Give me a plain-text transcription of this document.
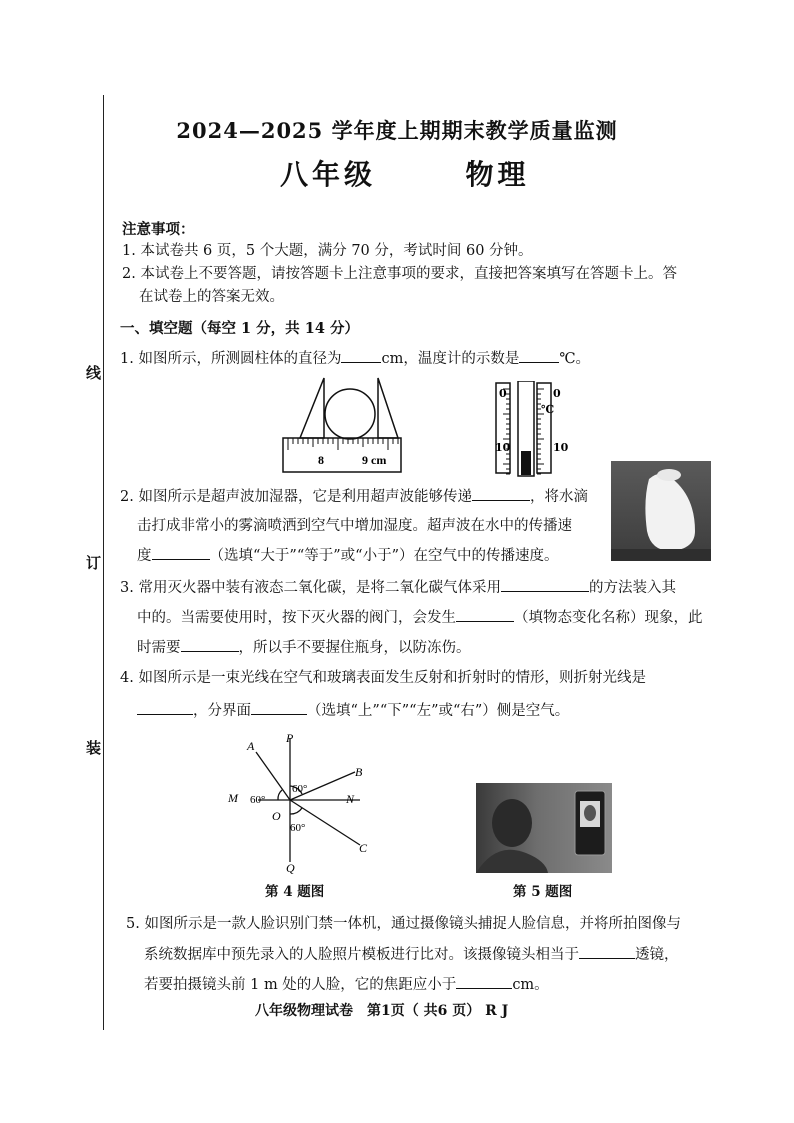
线
订
装
2024—2025 学年度上期期末教学质量监测
八年级	物理
注意事项：
1. 本试卷共 6 页，5 个大题，满分 70 分，考试时间 60 分钟。
2. 本试卷上不要答题，请按答题卡上注意事项的要求，直接把答案填写在答题卡上。答
在试卷上的答案无效。
一、填空题（每空 1 分，共 14 分）
1. 如图所示，所测圆柱体的直径为	cm，温度计的示数是	℃。
8	9 cm
0
10
0
℃
10
2. 如图所示是超声波加湿器，它是利用超声波能够传递	，将水滴
击打成非常小的雾滴喷洒到空气中增加湿度。超声波在水中的传播速
度	（选填“大于”“等于”或“小于”）在空气中的传播速度。
3. 常用灭火器中装有液态二氧化碳，是将二氧化碳气体采用	的方法装入其
中的。当需要使用时，按下灭火器的阀门，会发生	（填物态变化名称）现象，此
时需要	，所以手不要握住瓶身，以防冻伤。
4. 如图所示是一束光线在空气和玻璃表面发生反射和折射时的情形，则折射光线是
，分界面	（选填“上”“下”“左”或“右”）侧是空气。
A
P
B
M	N
O
C
Q
60°
60°
60°
第 4 题图	第 5 题图
5. 如图所示是一款人脸识别门禁一体机，通过摄像镜头捕捉人脸信息，并将所拍图像与
系统数据库中预先录入的人脸照片模板进行比对。该摄像镜头相当于	透镜，
若要拍摄镜头前 1 m 处的人脸，它的焦距应小于	cm。
八年级物理试卷　第1页（ 共6 页） R J
